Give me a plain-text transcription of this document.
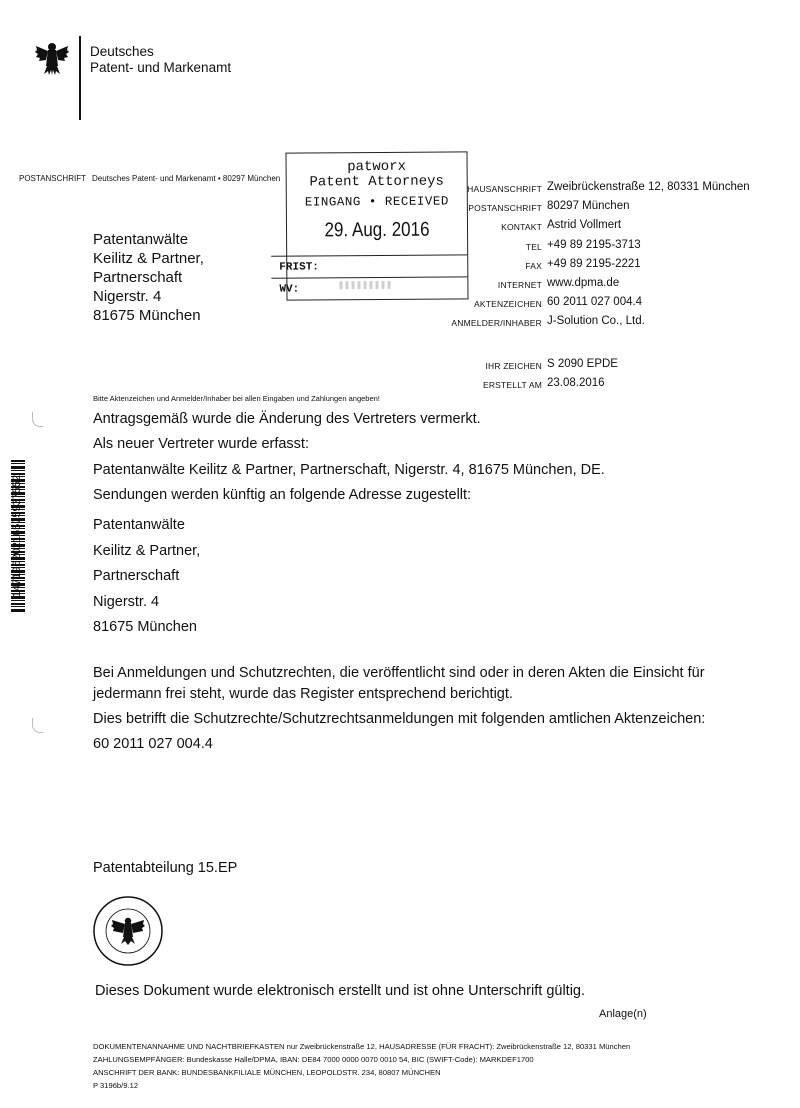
Deutsches
Patent- und Markenamt
POSTANSCHRIFT Deutsches Patent- und Markenamt • 80297 München
Patentanwälte
Keilitz & Partner,
Partnerschaft
Nigerstr. 4
81675 München
patworx
Patent Attorneys
EINGANG • RECEIVED
29. Aug. 2016
FRIST:
WV:
HAUSANSCHRIFT Zweibrückenstraße 12, 80331 München
POSTANSCHRIFT 80297 München
KONTAKT Astrid Vollmert
TEL +49 89 2195-3713
FAX +49 89 2195-2221
INTERNET www.dpma.de
AKTENZEICHEN 60 2011 027 004.4
ANMELDER/INHABER J-Solution Co., Ltd.
IHR ZEICHEN S 2090 EPDE
ERSTELLT AM 23.08.2016
Bitte Aktenzeichen und Anmelder/Inhaber bei allen Eingaben und Zahlungen angeben!
1471962021657593755​2
Antragsgemäß wurde die Änderung des Vertreters vermerkt.
Als neuer Vertreter wurde erfasst:
Patentanwälte Keilitz & Partner, Partnerschaft, Nigerstr. 4, 81675 München, DE.
Sendungen werden künftig an folgende Adresse zugestellt:
Patentanwälte
Keilitz & Partner,
Partnerschaft
Nigerstr. 4
81675 München
Bei Anmeldungen und Schutzrechten, die veröffentlicht sind oder in deren Akten die Einsicht für
jedermann frei steht, wurde das Register entsprechend berichtigt.
Dies betrifft die Schutzrechte/Schutzrechtsanmeldungen mit folgenden amtlichen Aktenzeichen:
60 2011 027 004.4
Patentabteilung 15.EP
Dieses Dokument wurde elektronisch erstellt und ist ohne Unterschrift gültig.
Anlage(n)
DOKUMENTENANNAHME UND NACHTBRIEFKASTEN nur Zweibrückenstraße 12, HAUSADRESSE (FÜR FRACHT): Zweibrückenstraße 12, 80331 München
ZAHLUNGSEMPFÄNGER: Bundeskasse Halle/DPMA, IBAN: DE84 7000 0000 0070 0010 54, BIC (SWIFT-Code): MARKDEF1700
ANSCHRIFT DER BANK: BUNDESBANKFILIALE MÜNCHEN, LEOPOLDSTR. 234, 80807 MÜNCHEN
P 3196b/9.12
